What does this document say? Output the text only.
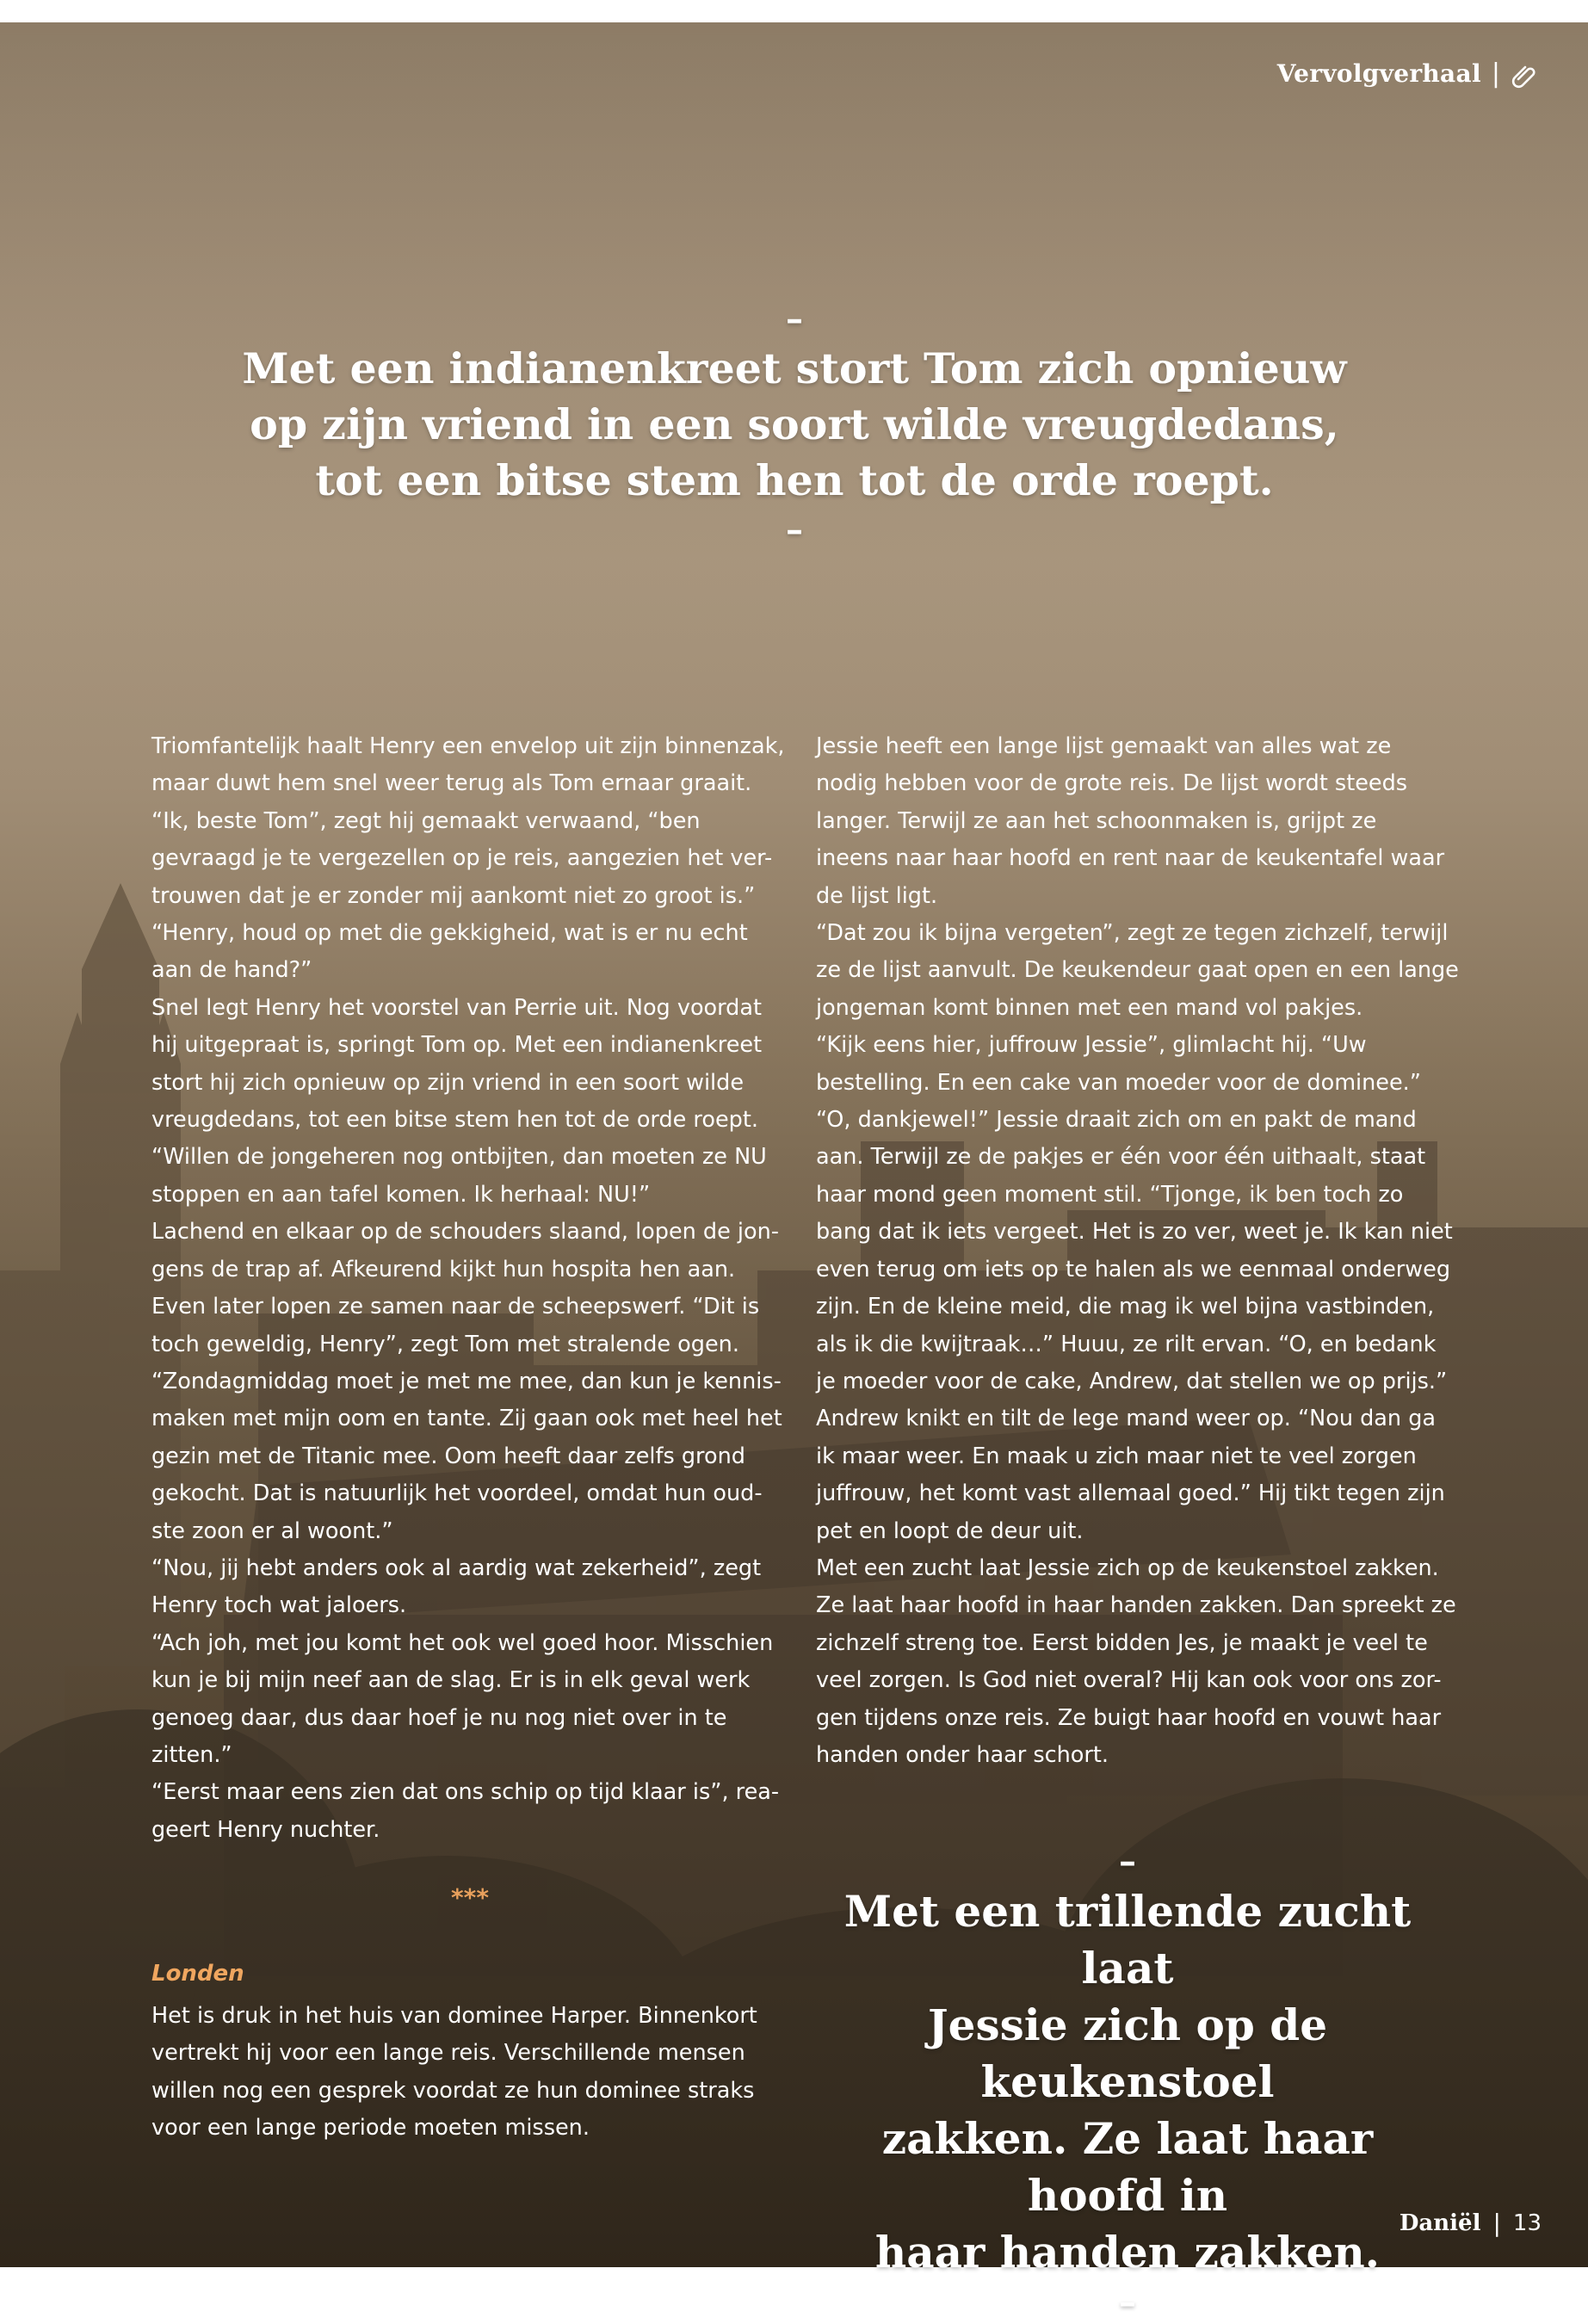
Vervolgverhaal |
–
Met een indianenkreet stort Tom zich opnieuw
op zijn vriend in een soort wilde vreugdedans,
tot een bitse stem hen tot de orde roept.
–

Triomfantelijk haalt Henry een envelop uit zijn binnenzak,

maar duwt hem snel weer terug als Tom ernaar graait.

“Ik, beste Tom”, zegt hij gemaakt verwaand, “ben

gevraagd je te vergezellen op je reis, aangezien het ver-

trouwen dat je er zonder mij aankomt niet zo groot is.”

“Henry, houd op met die gekkigheid, wat is er nu echt

aan de hand?”

Snel legt Henry het voorstel van Perrie uit. Nog voordat

hij uitgepraat is, springt Tom op. Met een indianenkreet

stort hij zich opnieuw op zijn vriend in een soort wilde

vreugdedans, tot een bitse stem hen tot de orde roept.

“Willen de jongeheren nog ontbijten, dan moeten ze NU

stoppen en aan tafel komen. Ik herhaal: NU!”

Lachend en elkaar op de schouders slaand, lopen de jon-

gens de trap af. Afkeurend kijkt hun hospita hen aan.

Even later lopen ze samen naar de scheepswerf. “Dit is

toch geweldig, Henry”, zegt Tom met stralende ogen.

“Zondagmiddag moet je met me mee, dan kun je kennis-

maken met mijn oom en tante. Zij gaan ook met heel het

gezin met de Titanic mee. Oom heeft daar zelfs grond

gekocht. Dat is natuurlijk het voordeel, omdat hun oud-

ste zoon er al woont.”

“Nou, jij hebt anders ook al aardig wat zekerheid”, zegt

Henry toch wat jaloers.

“Ach joh, met jou komt het ook wel goed hoor. Misschien

kun je bij mijn neef aan de slag. Er is in elk geval werk

genoeg daar, dus daar hoef je nu nog niet over in te

zitten.”

“Eerst maar eens zien dat ons schip op tijd klaar is”, rea-

geert Henry nuchter.

***
Londen

Het is druk in het huis van dominee Harper. Binnenkort

vertrekt hij voor een lange reis. Verschillende mensen

willen nog een gesprek voordat ze hun dominee straks

voor een lange periode moeten missen.

Jessie heeft een lange lijst gemaakt van alles wat ze

nodig hebben voor de grote reis. De lijst wordt steeds

langer. Terwijl ze aan het schoonmaken is, grijpt ze

ineens naar haar hoofd en rent naar de keukentafel waar

de lijst ligt.

“Dat zou ik bijna vergeten”, zegt ze tegen zichzelf, terwijl

ze de lijst aanvult. De keukendeur gaat open en een lange

jongeman komt binnen met een mand vol pakjes.

“Kijk eens hier, juffrouw Jessie”, glimlacht hij. “Uw

bestelling. En een cake van moeder voor de dominee.”

“O, dankjewel!” Jessie draait zich om en pakt de mand

aan. Terwijl ze de pakjes er één voor één uithaalt, staat

haar mond geen moment stil. “Tjonge, ik ben toch zo

bang dat ik iets vergeet. Het is zo ver, weet je. Ik kan niet

even terug om iets op te halen als we eenmaal onderweg

zijn. En de kleine meid, die mag ik wel bijna vastbinden,

als ik die kwijtraak…” Huuu, ze rilt ervan. “O, en bedank

je moeder voor de cake, Andrew, dat stellen we op prijs.”

Andrew knikt en tilt de lege mand weer op. “Nou dan ga

ik maar weer. En maak u zich maar niet te veel zorgen

juffrouw, het komt vast allemaal goed.” Hij tikt tegen zijn

pet en loopt de deur uit.

Met een zucht laat Jessie zich op de keukenstoel zakken.

Ze laat haar hoofd in haar handen zakken. Dan spreekt ze

zichzelf streng toe. Eerst bidden Jes, je maakt je veel te

veel zorgen. Is God niet overal? Hij kan ook voor ons zor-

gen tijdens onze reis. Ze buigt haar hoofd en vouwt haar

handen onder haar schort.

–
Met een trillende zucht laat
Jessie zich op de keukenstoel
zakken. Ze laat haar hoofd in
haar handen zakken.
–
Daniël | 13
